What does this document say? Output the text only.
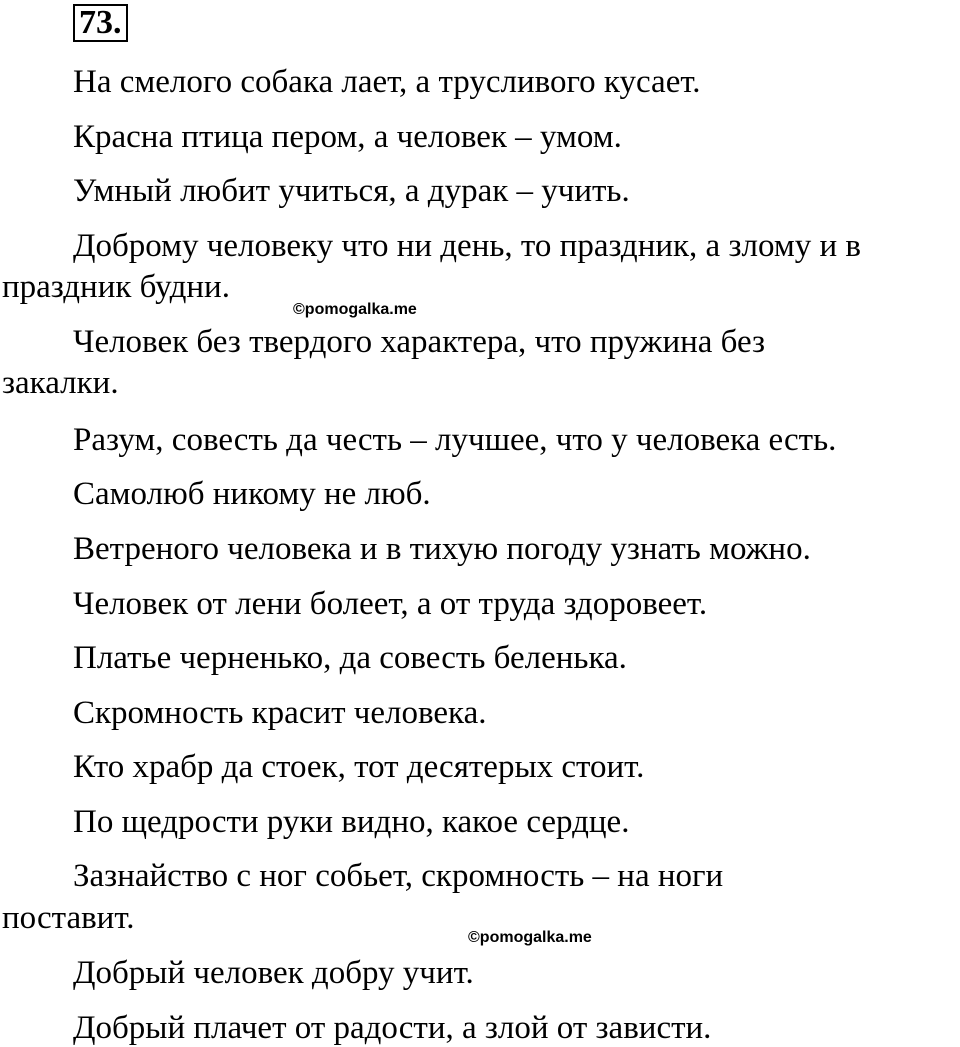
73.
На смелого собака лает, а трусливого кусает.
Красна птица пером, а человек – умом.
Умный любит учиться, а дурак – учить.
Доброму человеку что ни день, то праздник, а злому и в
праздник будни.
©pomogalka.me
Человек без твердого характера, что пружина без
закалки.
Разум, совесть да честь – лучшее, что у человека есть.
Самолюб никому не люб.
Ветреного человека и в тихую погоду узнать можно.
Человек от лени болеет, а от труда здоровеет.
Платье черненько, да совесть беленька.
Скромность красит человека.
Кто храбр да стоек, тот десятерых стоит.
По щедрости руки видно, какое сердце.
Зазнайство с ног собьет, скромность – на ноги
поставит.
©pomogalka.me
Добрый человек добру учит.
Добрый плачет от радости, а злой от зависти.
